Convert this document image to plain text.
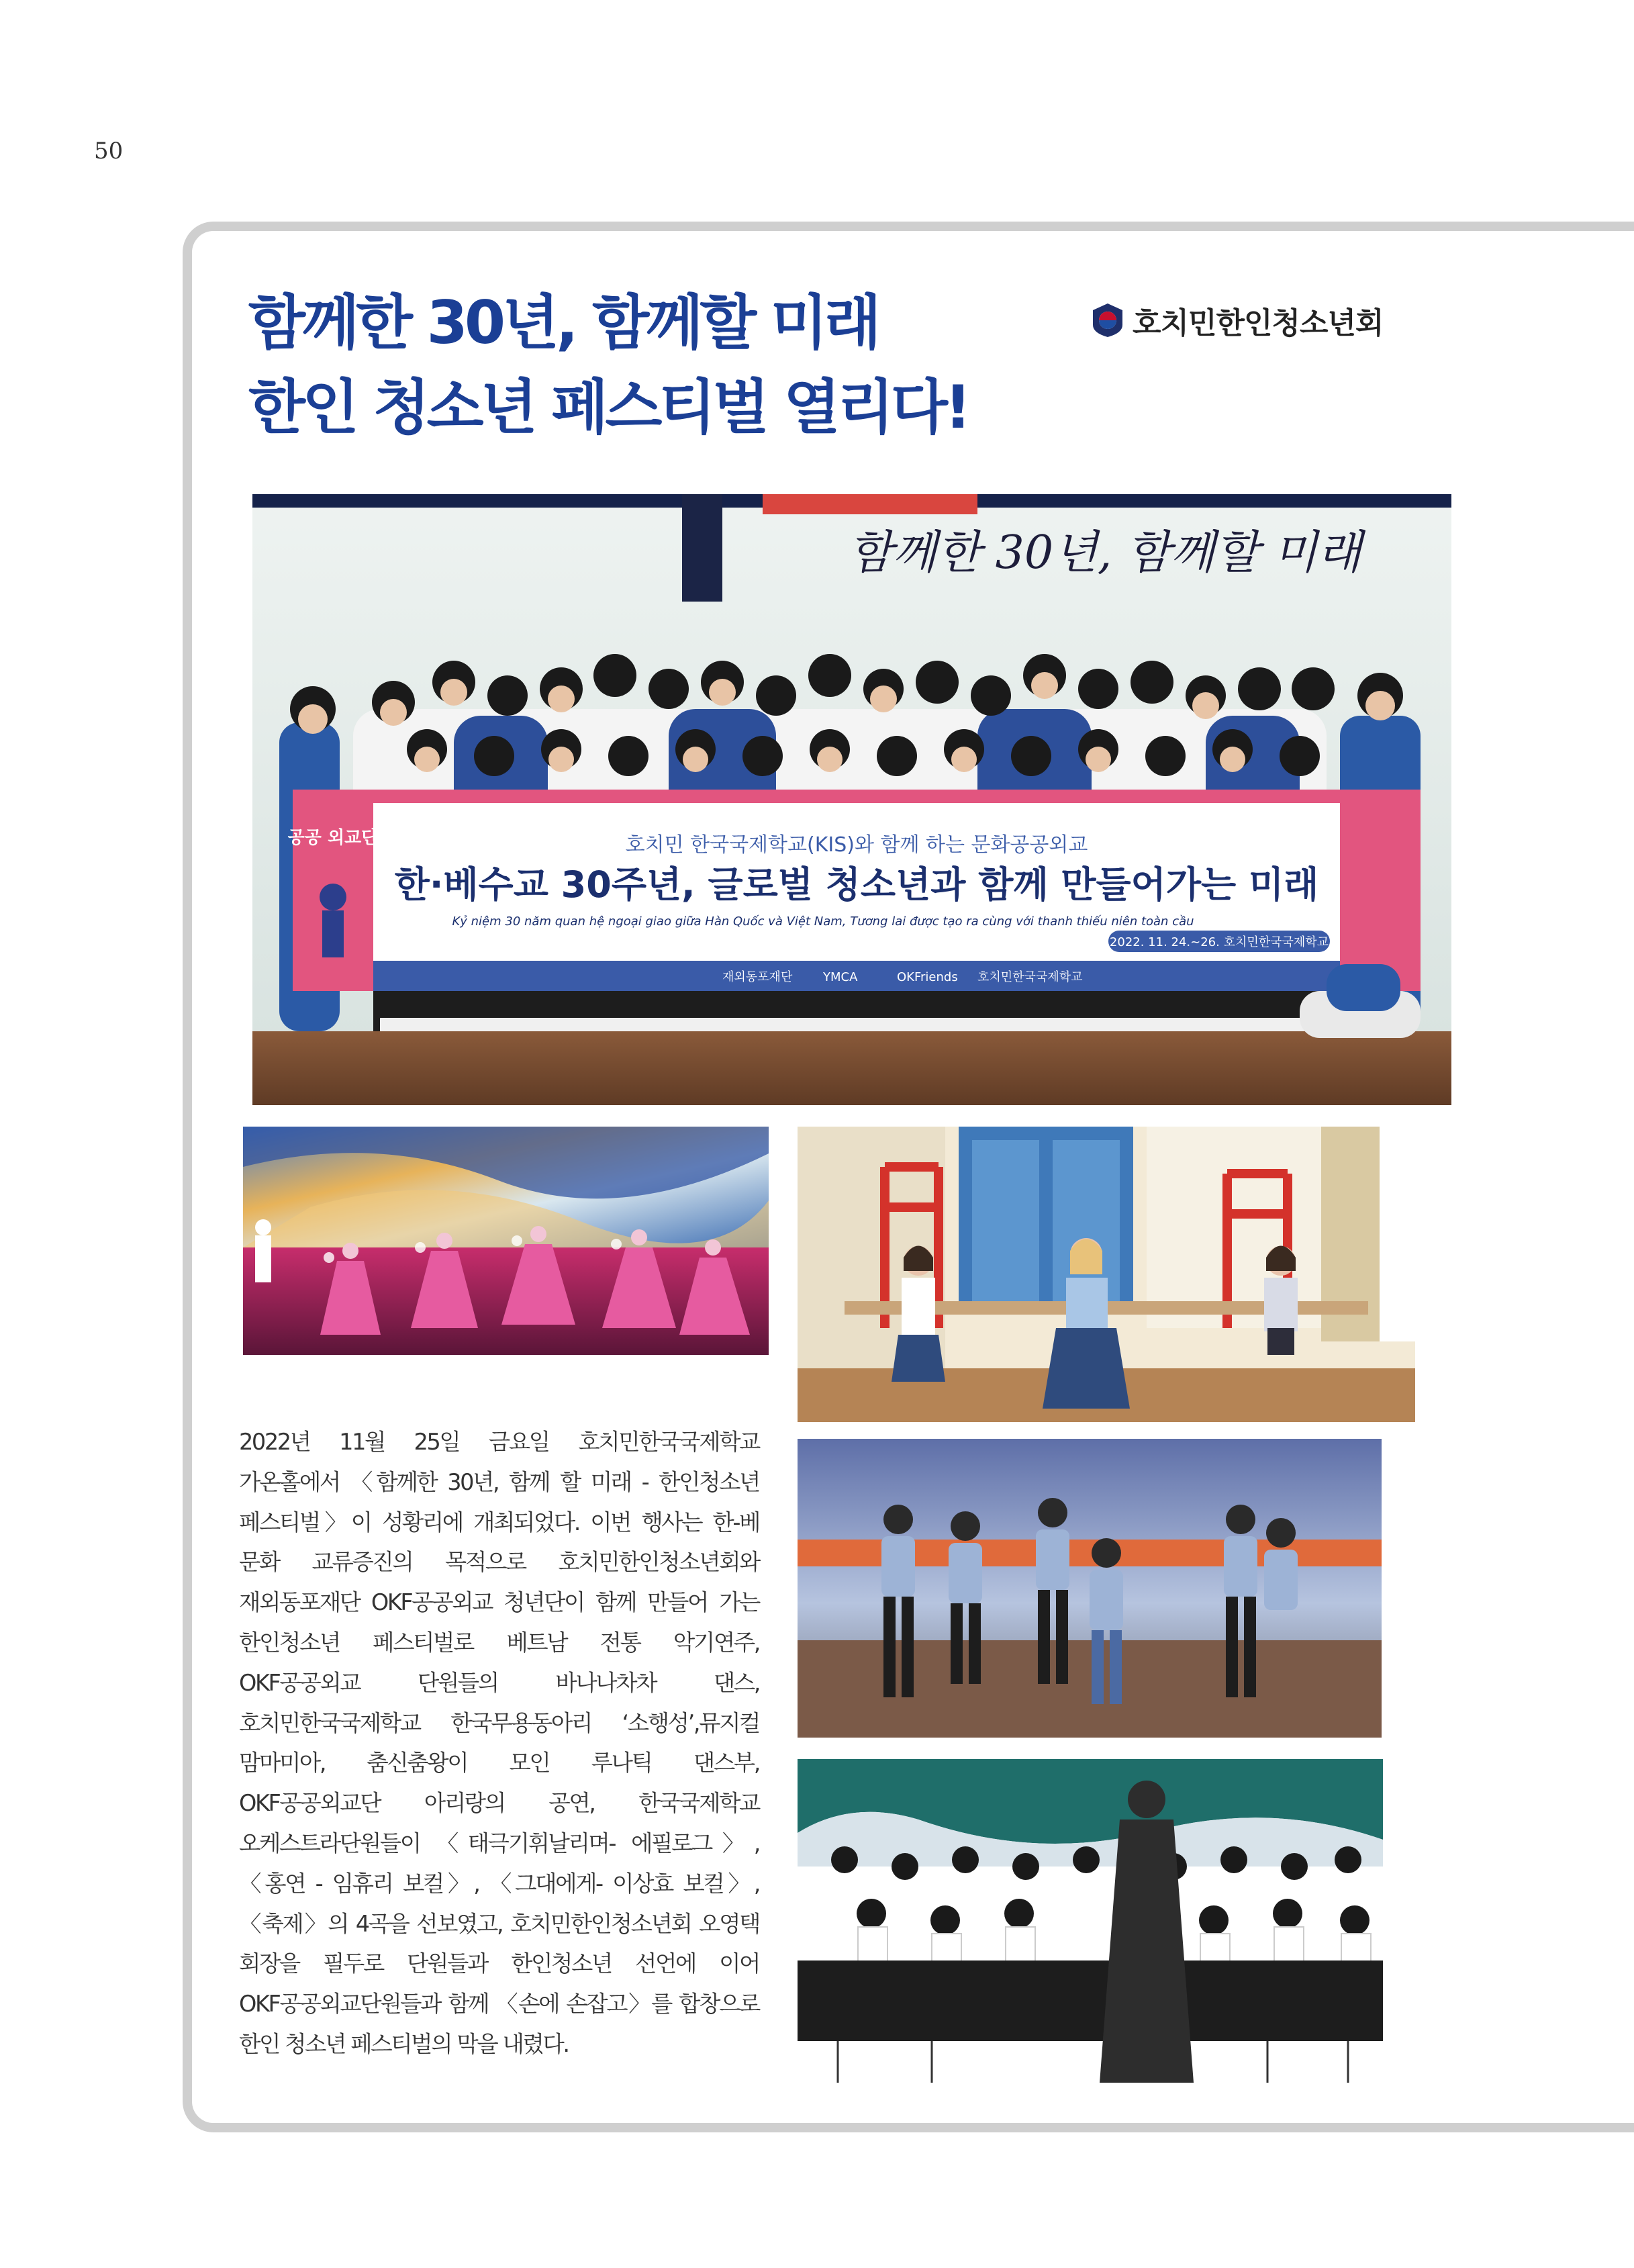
50
함께한 30년, 함께할 미래
한인 청소년 페스티벌 열리다!
호치민한인청소년회
함께한 30년, 함께할 미래
공공 외교단	호치민 한국국제학교(KIS)와 함께 하는 문화공공외교
한·베수교 30주년, 글로벌 청소년과 함께 만들어가는 미래
Kỷ niệm 30 năm quan hệ ngoại giao giữa Hàn Quốc và Việt Nam, Tương lai được tạo ra cùng với thanh thiếu niên toàn cầu
2022. 11. 24.~26. 호치민한국국제학교
재외동포재단	YMCA	OKFriends 호치민한국국제학교

2022년 11월 25일 금요일 호치민한국국제학교 가온홀에서 〈함께한 30년, 함께 할 미래 - 한인청소년 페스티벌〉이 성황리에 개최되었다. 이번 행사는 한-베 문화 교류증진의 목적으로 호치민한인청소년회와 재외동포재단 OKF공공외교 청년단이 함께 만들어 가는 한인청소년 페스티벌로 베트남 전통 악기연주, OKF공공외교 단원들의 바나나차차 댄스, 호치민한국국제학교 한국무용동아리 ‘소행성’,뮤지컬 맘마미아, 춤신춤왕이 모인 루나틱 댄스부, OKF공공외교단 아리랑의 공연, 한국국제학교 오케스트라단원들이 〈태극기휘날리며- 에필로그〉, 〈홍연 - 임휴리 보컬〉, 〈그대에게- 이상효 보컬〉, 〈축제〉의 4곡을 선보였고, 호치민한인청소년회 오영택 회장을 필두로 단원들과 한인청소년 선언에 이어 OKF공공외교단원들과 함께 〈손에 손잡고〉를 합창으로 한인 청소년 페스티벌의 막을 내렸다.
